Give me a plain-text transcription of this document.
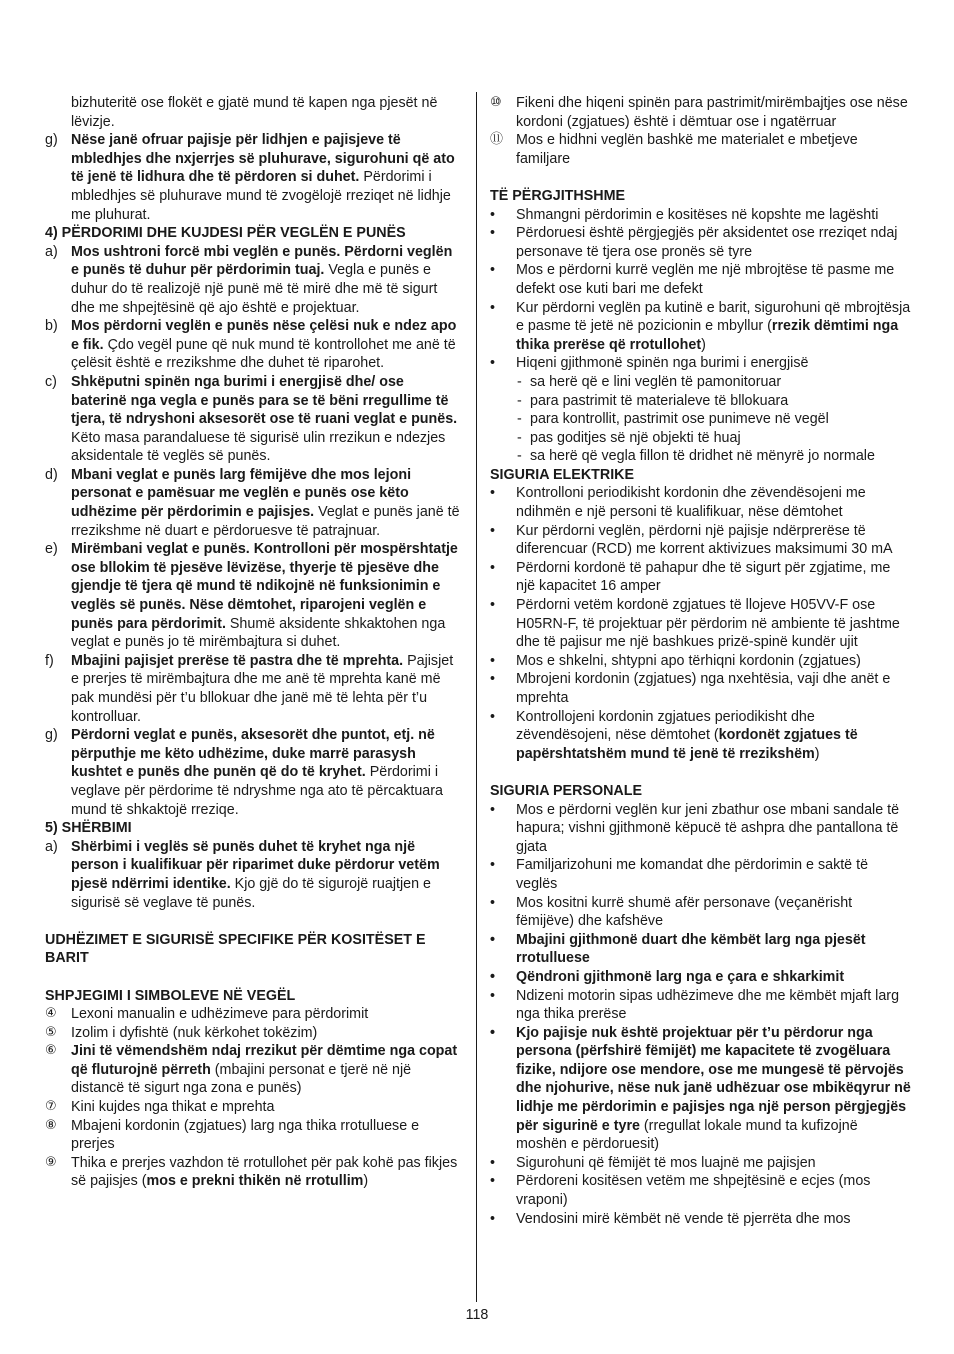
bizhuteritë ose flokët e gjatë mund të kapen nga pjesët në lëvizje.
g) Nëse janë ofruar pajisje për lidhjen e pajisjeve të mbledhjes dhe nxjerrjes së pluhurave, sigurohuni që ato të jenë të lidhura dhe të përdoren si duhet. Përdorimi i mbledhjes së pluhurave mund të zvogëlojë rreziqet në lidhje me pluhurat.
4) PËRDORIMI DHE KUJDESI PËR VEGLËN E PUNËS
a) Mos ushtroni forcë mbi veglën e punës. Përdorni veglën e punës të duhur për përdorimin tuaj. Vegla e punës e duhur do të realizojë një punë më të mirë dhe më të sigurt dhe me shpejtësinë që ajo është e projektuar.
b) Mos përdorni veglën e punës nëse çelësi nuk e ndez apo e fik. Çdo vegël pune që nuk mund të kontrollohet me anë të çelësit është e rrezikshme dhe duhet të riparohet.
c) Shkëputni spinën nga burimi i energjisë dhe/ ose baterinë nga vegla e punës para se të bëni rregullime të tjera, të ndryshoni aksesorët ose të ruani veglat e punës. Këto masa parandaluese të sigurisë ulin rrezikun e ndezjes aksidentale të veglës së punës.
d) Mbani veglat e punës larg fëmijëve dhe mos lejoni personat e pamësuar me veglën e punës ose këto udhëzime për përdorimin e pajisjes. Veglat e punës janë të rrezikshme në duart e përdoruesve të patrajnuar.
e) Mirëmbani veglat e punës. Kontrolloni për mospërshtatje ose bllokim të pjesëve lëvizëse, thyerje të pjesëve dhe gjendje të tjera që mund të ndikojnë në funksionimin e veglës së punës. Nëse dëmtohet, riparojeni veglën e punës para përdorimit. Shumë aksidente shkaktohen nga veglat e punës jo të mirëmbajtura si duhet.
f)	Mbajini pajisjet prerëse të pastra dhe të mprehta. Pajisjet e prerjes të mirëmbajtura dhe me anë të mprehta kanë më pak mundësi për t’u bllokuar dhe janë më të lehta për t’u kontrolluar.
g) Përdorni veglat e punës, aksesorët dhe puntot, etj. në përputhje me këto udhëzime, duke marrë parasysh kushtet e punës dhe punën që do të kryhet. Përdorimi i veglave për përdorime të ndryshme nga ato të përcaktuara mund të shkaktojë rreziqe.
5) SHËRBIMI
a) Shërbimi i veglës së punës duhet të kryhet nga një person i kualifikuar për riparimet duke përdorur vetëm pjesë ndërrimi identike. Kjo gjë do të sigurojë ruajtjen e sigurisë së veglave të punës.
UDHËZIMET E SIGURISË SPECIFIKE PËR KOSITËSET E BARIT
SHPJEGIMI I SIMBOLEVE NË VEGËL
④	Lexoni manualin e udhëzimeve para përdorimit
⑤	Izolim i dyfishtë (nuk kërkohet tokëzim)
⑥	Jini të vëmendshëm ndaj rrezikut për dëmtime nga copat që fluturojnë përreth (mbajini personat e tjerë në një distancë të sigurt nga zona e punës)
⑦	Kini kujdes nga thikat e mprehta
⑧	Mbajeni kordonin (zgjatues) larg nga thika rrotulluese e prerjes
⑨	Thika e prerjes vazhdon të rrotullohet për pak kohë pas fikjes së pajisjes (mos e prekni thikën në rrotullim)
⑩	Fikeni dhe hiqeni spinën para pastrimit/mirëmbajtjes ose nëse kordoni (zgjatues) është i dëmtuar ose i ngatërruar
⑪ Mos e hidhni veglën bashkë me materialet e mbetjeve familjare
TË PËRGJITHSHME
•	Shmangni përdorimin e kositëses në kopshte me lagështi
•	Përdoruesi është përgjegjës për aksidentet ose rreziqet ndaj personave të tjera ose pronës së tyre
•	Mos e përdorni kurrë veglën me një mbrojtëse të pasme me defekt ose kuti bari me defekt
•	Kur përdorni veglën pa kutinë e barit, sigurohuni që mbrojtësja e pasme të jetë në pozicionin e mbyllur (rrezik dëmtimi nga thika prerëse që rrotullohet)
•	Hiqeni gjithmonë spinën nga burimi i energjisë
- sa herë që e lini veglën të pamonitoruar
- para pastrimit të materialeve të bllokuara
- para kontrollit, pastrimit ose punimeve në vegël
- pas goditjes së një objekti të huaj
- sa herë që vegla fillon të dridhet në mënyrë jo normale
SIGURIA ELEKTRIKE
•	Kontrolloni periodikisht kordonin dhe zëvendësojeni me ndihmën e një personi të kualifikuar, nëse dëmtohet
•	Kur përdorni veglën, përdorni një pajisje ndërprerëse të diferencuar (RCD) me korrent aktivizues maksimumi 30 mA
•	Përdorni kordonë të pahapur dhe të sigurt për zgjatime, me një kapacitet 16 amper
•	Përdorni vetëm kordonë zgjatues të llojeve H05VV-F ose H05RN-F, të projektuar për përdorim në ambiente të jashtme dhe të pajisur me një bashkues prizë-spinë kundër ujit
•	Mos e shkelni, shtypni apo tërhiqni kordonin (zgjatues)
•	Mbrojeni kordonin (zgjatues) nga nxehtësia, vaji dhe anët e mprehta
•	Kontrollojeni kordonin zgjatues periodikisht dhe zëvendësojeni, nëse dëmtohet (kordonët zgjatues të papërshtatshëm mund të jenë të rrezikshëm)
SIGURIA PERSONALE
•	Mos e përdorni veglën kur jeni zbathur ose mbani sandale të hapura; vishni gjithmonë këpucë të ashpra dhe pantallona të gjata
•	Familjarizohuni me komandat dhe përdorimin e saktë të veglës
•	Mos kositni kurrë shumë afër personave (veçanërisht fëmijëve) dhe kafshëve
•	Mbajini gjithmonë duart dhe këmbët larg nga pjesët rrotulluese
•	Qëndroni gjithmonë larg nga e çara e shkarkimit
•	Ndizeni motorin sipas udhëzimeve dhe me këmbët mjaft larg nga thika prerëse
•	Kjo pajisje nuk është projektuar për t’u përdorur nga persona (përfshirë fëmijët) me kapacitete të zvogëluara fizike, ndijore ose mendore, ose me mungesë të përvojës dhe njohurive, nëse nuk janë udhëzuar ose mbikëqyrur në lidhje me përdorimin e pajisjes nga një person përgjegjës për sigurinë e tyre (rregullat lokale mund ta kufizojnë moshën e përdoruesit)
•	Sigurohuni që fëmijët të mos luajnë me pajisjen
•	Përdoreni kositësen vetëm me shpejtësinë e ecjes (mos vraponi)
•	Vendosini mirë këmbët në vende të pjerrëta dhe mos
118
